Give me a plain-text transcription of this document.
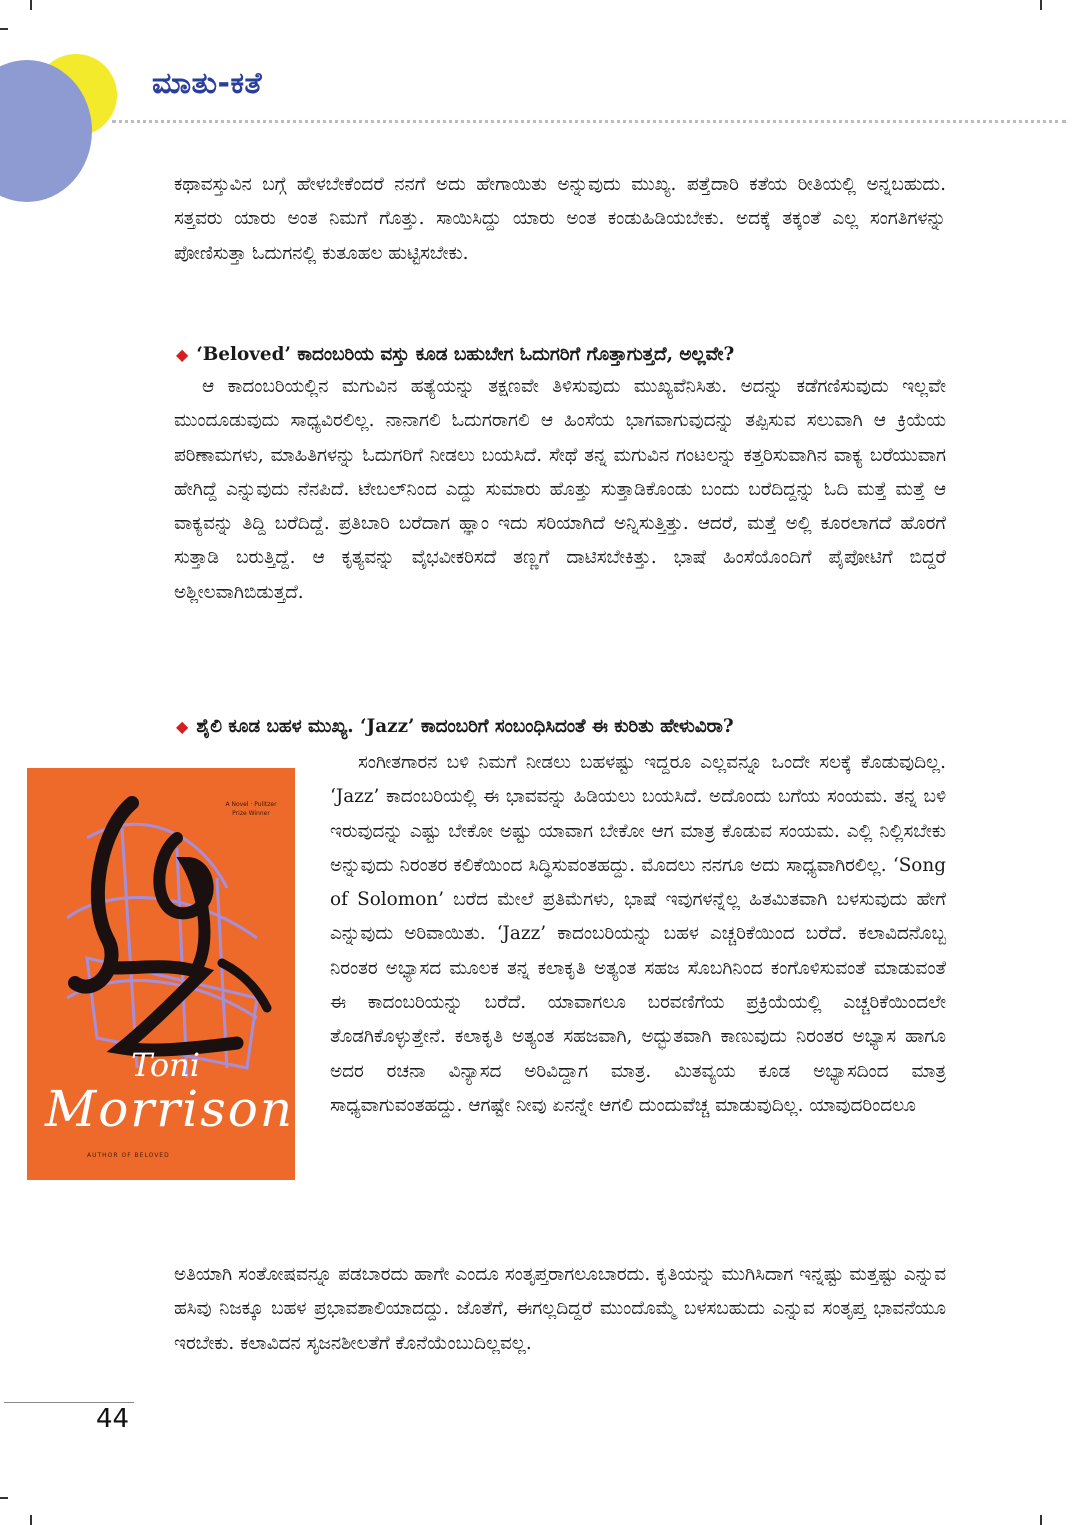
ಮಾತು-ಕತೆ

ಕಥಾವಸ್ತುವಿನ ಬಗ್ಗೆ ಹೇಳಬೇಕೆಂದರೆ ನನಗೆ ಅದು ಹೇಗಾಯಿತು ಅನ್ನುವುದು ಮುಖ್ಯ. ಪತ್ತೆದಾರಿ ಕತೆಯ ರೀತಿಯಲ್ಲಿ ಅನ್ನಬಹುದು. ಸತ್ತವರು ಯಾರು ಅಂತ ನಿಮಗೆ ಗೊತ್ತು. ಸಾಯಿಸಿದ್ದು ಯಾರು ಅಂತ ಕಂಡುಹಿಡಿಯಬೇಕು. ಅದಕ್ಕೆ ತಕ್ಕಂತೆ ಎಲ್ಲ ಸಂಗತಿಗಳನ್ನು ಪೋಣಿಸುತ್ತಾ ಓದುಗನಲ್ಲಿ ಕುತೂಹಲ ಹುಟ್ಟಿಸಬೇಕು.

◆ ‘Beloved’ ಕಾದಂಬರಿಯ ವಸ್ತು ಕೂಡ ಬಹುಬೇಗ ಓದುಗರಿಗೆ ಗೊತ್ತಾಗುತ್ತದೆ, ಅಲ್ಲವೇ?

ಆ ಕಾದಂಬರಿಯಲ್ಲಿನ ಮಗುವಿನ ಹತ್ಯೆಯನ್ನು ತಕ್ಷಣವೇ ತಿಳಿಸುವುದು ಮುಖ್ಯವೆನಿಸಿತು. ಅದನ್ನು ಕಡೆಗಣಿಸುವುದು ಇಲ್ಲವೇ ಮುಂದೂಡುವುದು ಸಾಧ್ಯವಿರಲಿಲ್ಲ. ನಾನಾಗಲಿ ಓದುಗರಾಗಲಿ ಆ ಹಿಂಸೆಯ ಭಾಗವಾಗುವುದನ್ನು ತಪ್ಪಿಸುವ ಸಲುವಾಗಿ ಆ ಕ್ರಿಯೆಯ ಪರಿಣಾಮಗಳು, ಮಾಹಿತಿಗಳನ್ನು ಓದುಗರಿಗೆ ನೀಡಲು ಬಯಸಿದೆ. ಸೇಥೆ ತನ್ನ ಮಗುವಿನ ಗಂಟಲನ್ನು ಕತ್ತರಿಸುವಾಗಿನ ವಾಕ್ಯ ಬರೆಯುವಾಗ ಹೇಗಿದ್ದೆ ಎನ್ನುವುದು ನೆನಪಿದೆ. ಟೇಬಲ್‌ನಿಂದ ಎದ್ದು ಸುಮಾರು ಹೊತ್ತು ಸುತ್ತಾಡಿಕೊಂಡು ಬಂದು ಬರೆದಿದ್ದನ್ನು ಓದಿ ಮತ್ತೆ ಮತ್ತೆ ಆ ವಾಕ್ಯವನ್ನು ತಿದ್ದಿ ಬರೆದಿದ್ದೆ. ಪ್ರತಿಬಾರಿ ಬರೆದಾಗ ಹ್ಞಾಂ ಇದು ಸರಿಯಾಗಿದೆ ಅನ್ನಿಸುತ್ತಿತ್ತು. ಆದರೆ, ಮತ್ತೆ ಅಲ್ಲಿ ಕೂರಲಾಗದೆ ಹೊರಗೆ ಸುತ್ತಾಡಿ ಬರುತ್ತಿದ್ದೆ. ಆ ಕೃತ್ಯವನ್ನು ವೈಭವೀಕರಿಸದೆ ತಣ್ಣಗೆ ದಾಟಿಸಬೇಕಿತ್ತು. ಭಾಷೆ ಹಿಂಸೆಯೊಂದಿಗೆ ಪೈಪೋಟಿಗೆ ಬಿದ್ದರೆ ಅಶ್ಲೀಲವಾಗಿಬಿಡುತ್ತದೆ.

◆ ಶೈಲಿ ಕೂಡ ಬಹಳ ಮುಖ್ಯ. ‘Jazz’ ಕಾದಂಬರಿಗೆ ಸಂಬಂಧಿಸಿದಂತೆ ಈ ಕುರಿತು ಹೇಳುವಿರಾ?

ಸಂಗೀತಗಾರನ ಬಳಿ ನಿಮಗೆ ನೀಡಲು ಬಹಳಷ್ಟು ಇದ್ದರೂ ಎಲ್ಲವನ್ನೂ ಒಂದೇ ಸಲಕ್ಕೆ ಕೊಡುವುದಿಲ್ಲ. ‘Jazz’ ಕಾದಂಬರಿಯಲ್ಲಿ ಈ ಭಾವವನ್ನು ಹಿಡಿಯಲು ಬಯಸಿದೆ. ಅದೊಂದು ಬಗೆಯ ಸಂಯಮ. ತನ್ನ ಬಳಿ ಇರುವುದನ್ನು ಎಷ್ಟು ಬೇಕೋ ಅಷ್ಟು ಯಾವಾಗ ಬೇಕೋ ಆಗ ಮಾತ್ರ ಕೊಡುವ ಸಂಯಮ. ಎಲ್ಲಿ ನಿಲ್ಲಿಸಬೇಕು ಅನ್ನುವುದು ನಿರಂತರ ಕಲಿಕೆಯಿಂದ ಸಿದ್ಧಿಸುವಂತಹದ್ದು. ಮೊದಲು ನನಗೂ ಅದು ಸಾಧ್ಯವಾಗಿರಲಿಲ್ಲ. ‘Song of Solomon’ ಬರೆದ ಮೇಲೆ ಪ್ರತಿಮೆಗಳು, ಭಾಷೆ ಇವುಗಳನ್ನೆಲ್ಲ ಹಿತಮಿತವಾಗಿ ಬಳಸುವುದು ಹೇಗೆ ಎನ್ನುವುದು ಅರಿವಾಯಿತು. ‘Jazz’ ಕಾದಂಬರಿಯನ್ನು ಬಹಳ ಎಚ್ಚರಿಕೆಯಿಂದ ಬರೆದೆ. ಕಲಾವಿದನೊಬ್ಬ ನಿರಂತರ ಅಭ್ಯಾಸದ ಮೂಲಕ ತನ್ನ ಕಲಾಕೃತಿ ಅತ್ಯಂತ ಸಹಜ ಸೊಬಗಿನಿಂದ ಕಂಗೊಳಿಸುವಂತೆ ಮಾಡುವಂತೆ ಈ ಕಾದಂಬರಿಯನ್ನು ಬರೆದೆ. ಯಾವಾಗಲೂ ಬರವಣಿಗೆಯ ಪ್ರಕ್ರಿಯೆಯಲ್ಲಿ ಎಚ್ಚರಿಕೆಯಿಂದಲೇ ತೊಡಗಿಕೊಳ್ಳುತ್ತೇನೆ. ಕಲಾಕೃತಿ ಅತ್ಯಂತ ಸಹಜವಾಗಿ, ಅದ್ಭುತವಾಗಿ ಕಾಣುವುದು ನಿರಂತರ ಅಭ್ಯಾಸ ಹಾಗೂ ಅದರ ರಚನಾ ವಿನ್ಯಾಸದ ಅರಿವಿದ್ದಾಗ ಮಾತ್ರ. ಮಿತವ್ಯಯ ಕೂಡ ಅಭ್ಯಾಸದಿಂದ ಮಾತ್ರ ಸಾಧ್ಯವಾಗುವಂತಹದ್ದು. ಆಗಷ್ಟೇ ನೀವು ಏನನ್ನೇ ಆಗಲಿ ದುಂದುವೆಚ್ಚ ಮಾಡುವುದಿಲ್ಲ. ಯಾವುದರಿಂದಲೂ

ಅತಿಯಾಗಿ ಸಂತೋಷವನ್ನೂ ಪಡಬಾರದು ಹಾಗೇ ಎಂದೂ ಸಂತೃಪ್ತರಾಗಲೂಬಾರದು. ಕೃತಿಯನ್ನು ಮುಗಿಸಿದಾಗ ಇನ್ನಷ್ಟು ಮತ್ತಷ್ಟು ಎನ್ನುವ ಹಸಿವು ನಿಜಕ್ಕೂ ಬಹಳ ಪ್ರಭಾವಶಾಲಿಯಾದದ್ದು. ಜೊತೆಗೆ, ಈಗಲ್ಲದಿದ್ದರೆ ಮುಂದೊಮ್ಮೆ ಬಳಸಬಹುದು ಎನ್ನುವ ಸಂತೃಪ್ತ ಭಾವನೆಯೂ ಇರಬೇಕು. ಕಲಾವಿದನ ಸೃಜನಶೀಲತೆಗೆ ಕೊನೆಯೆಂಬುದಿಲ್ಲವಲ್ಲ.

A Novel · Pulitzer Prize Winner
Toni
Morrison
AUTHOR OF BELOVED
44
